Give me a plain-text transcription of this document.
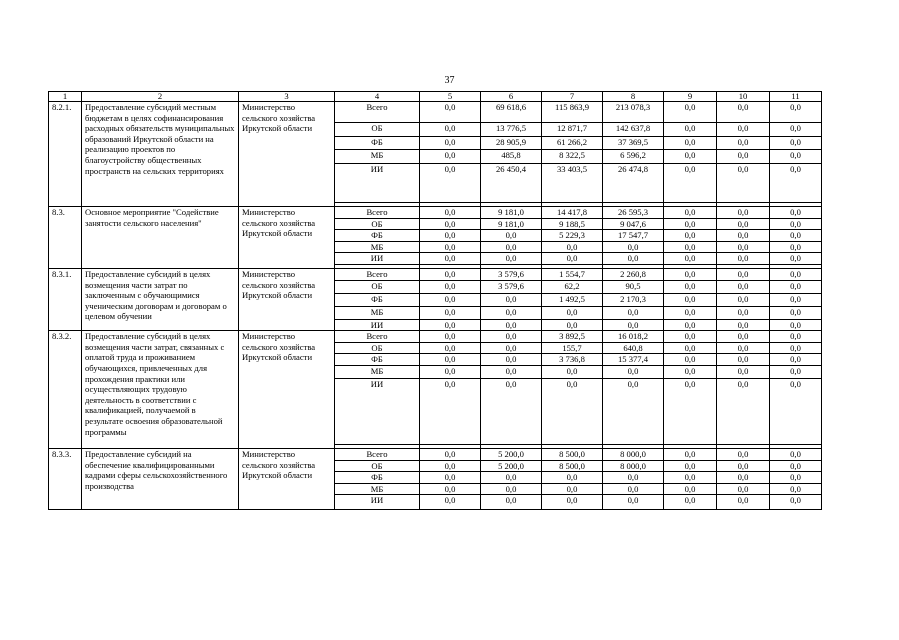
37
1	2	3	4	5	6	7	8	9	10	11
8.2.1.	Предоставление субсидий местным бюджетам в целях софинансирования расходных обязательств муниципальных образований Иркутской области на реализацию проектов по благоустройству общественных пространств на сельских территориях	Министерство сельского хозяйства Иркутской области	Всего	0,0	69 618,6	115 863,9	213 078,3	0,0	0,0	0,0
			ОБ	0,0	13 776,5	12 871,7	142 637,8	0,0	0,0	0,0
			ФБ	0,0	28 905,9	61 266,2	37 369,5	0,0	0,0	0,0
			МБ	0,0	485,8	8 322,5	6 596,2	0,0	0,0	0,0
			ИИ	0,0	26 450,4	33 403,5	26 474,8	0,0	0,0	0,0

8.3.	Основное мероприятие "Содействие занятости сельского населения"	Министерство сельского хозяйства Иркутской области	Всего	0,0	9 181,0	14 417,8	26 595,3	0,0	0,0	0,0
			ОБ	0,0	9 181,0	9 188,5	9 047,6	0,0	0,0	0,0
			ФБ	0,0	0,0	5 229,3	17 547,7	0,0	0,0	0,0
			МБ	0,0	0,0	0,0	0,0	0,0	0,0	0,0
			ИИ	0,0	0,0	0,0	0,0	0,0	0,0	0,0

8.3.1.	Предоставление субсидий в целях возмещения части затрат по заключенным с обучающимися ученическим договорам и договорам о целевом обучении	Министерство сельского хозяйства Иркутской области	Всего	0,0	3 579,6	1 554,7	2 260,8	0,0	0,0	0,0
			ОБ	0,0	3 579,6	62,2	90,5	0,0	0,0	0,0
			ФБ	0,0	0,0	1 492,5	2 170,3	0,0	0,0	0,0
			МБ	0,0	0,0	0,0	0,0	0,0	0,0	0,0
			ИИ	0,0	0,0	0,0	0,0	0,0	0,0	0,0
8.3.2.	Предоставление субсидий в целях возмещения части затрат, связанных с оплатой труда и проживанием обучающихся, привлеченных для прохождения практики или осуществляющих трудовую деятельность в соответствии с квалификацией, получаемой в результате освоения образовательной программы	Министерство сельского хозяйства Иркутской области	Всего	0,0	0,0	3 892,5	16 018,2	0,0	0,0	0,0
			ОБ	0,0	0,0	155,7	640,8	0,0	0,0	0,0
			ФБ	0,0	0,0	3 736,8	15 377,4	0,0	0,0	0,0
			МБ	0,0	0,0	0,0	0,0	0,0	0,0	0,0
			ИИ	0,0	0,0	0,0	0,0	0,0	0,0	0,0

8.3.3.	Предоставление субсидий на обеспечение квалифицированными кадрами сферы сельскохозяйственного производства	Министерство сельского хозяйства Иркутской области	Всего	0,0	5 200,0	8 500,0	8 000,0	0,0	0,0	0,0
			ОБ	0,0	5 200,0	8 500,0	8 000,0	0,0	0,0	0,0
			ФБ	0,0	0,0	0,0	0,0	0,0	0,0	0,0
			МБ	0,0	0,0	0,0	0,0	0,0	0,0	0,0
			ИИ	0,0	0,0	0,0	0,0	0,0	0,0	0,0
